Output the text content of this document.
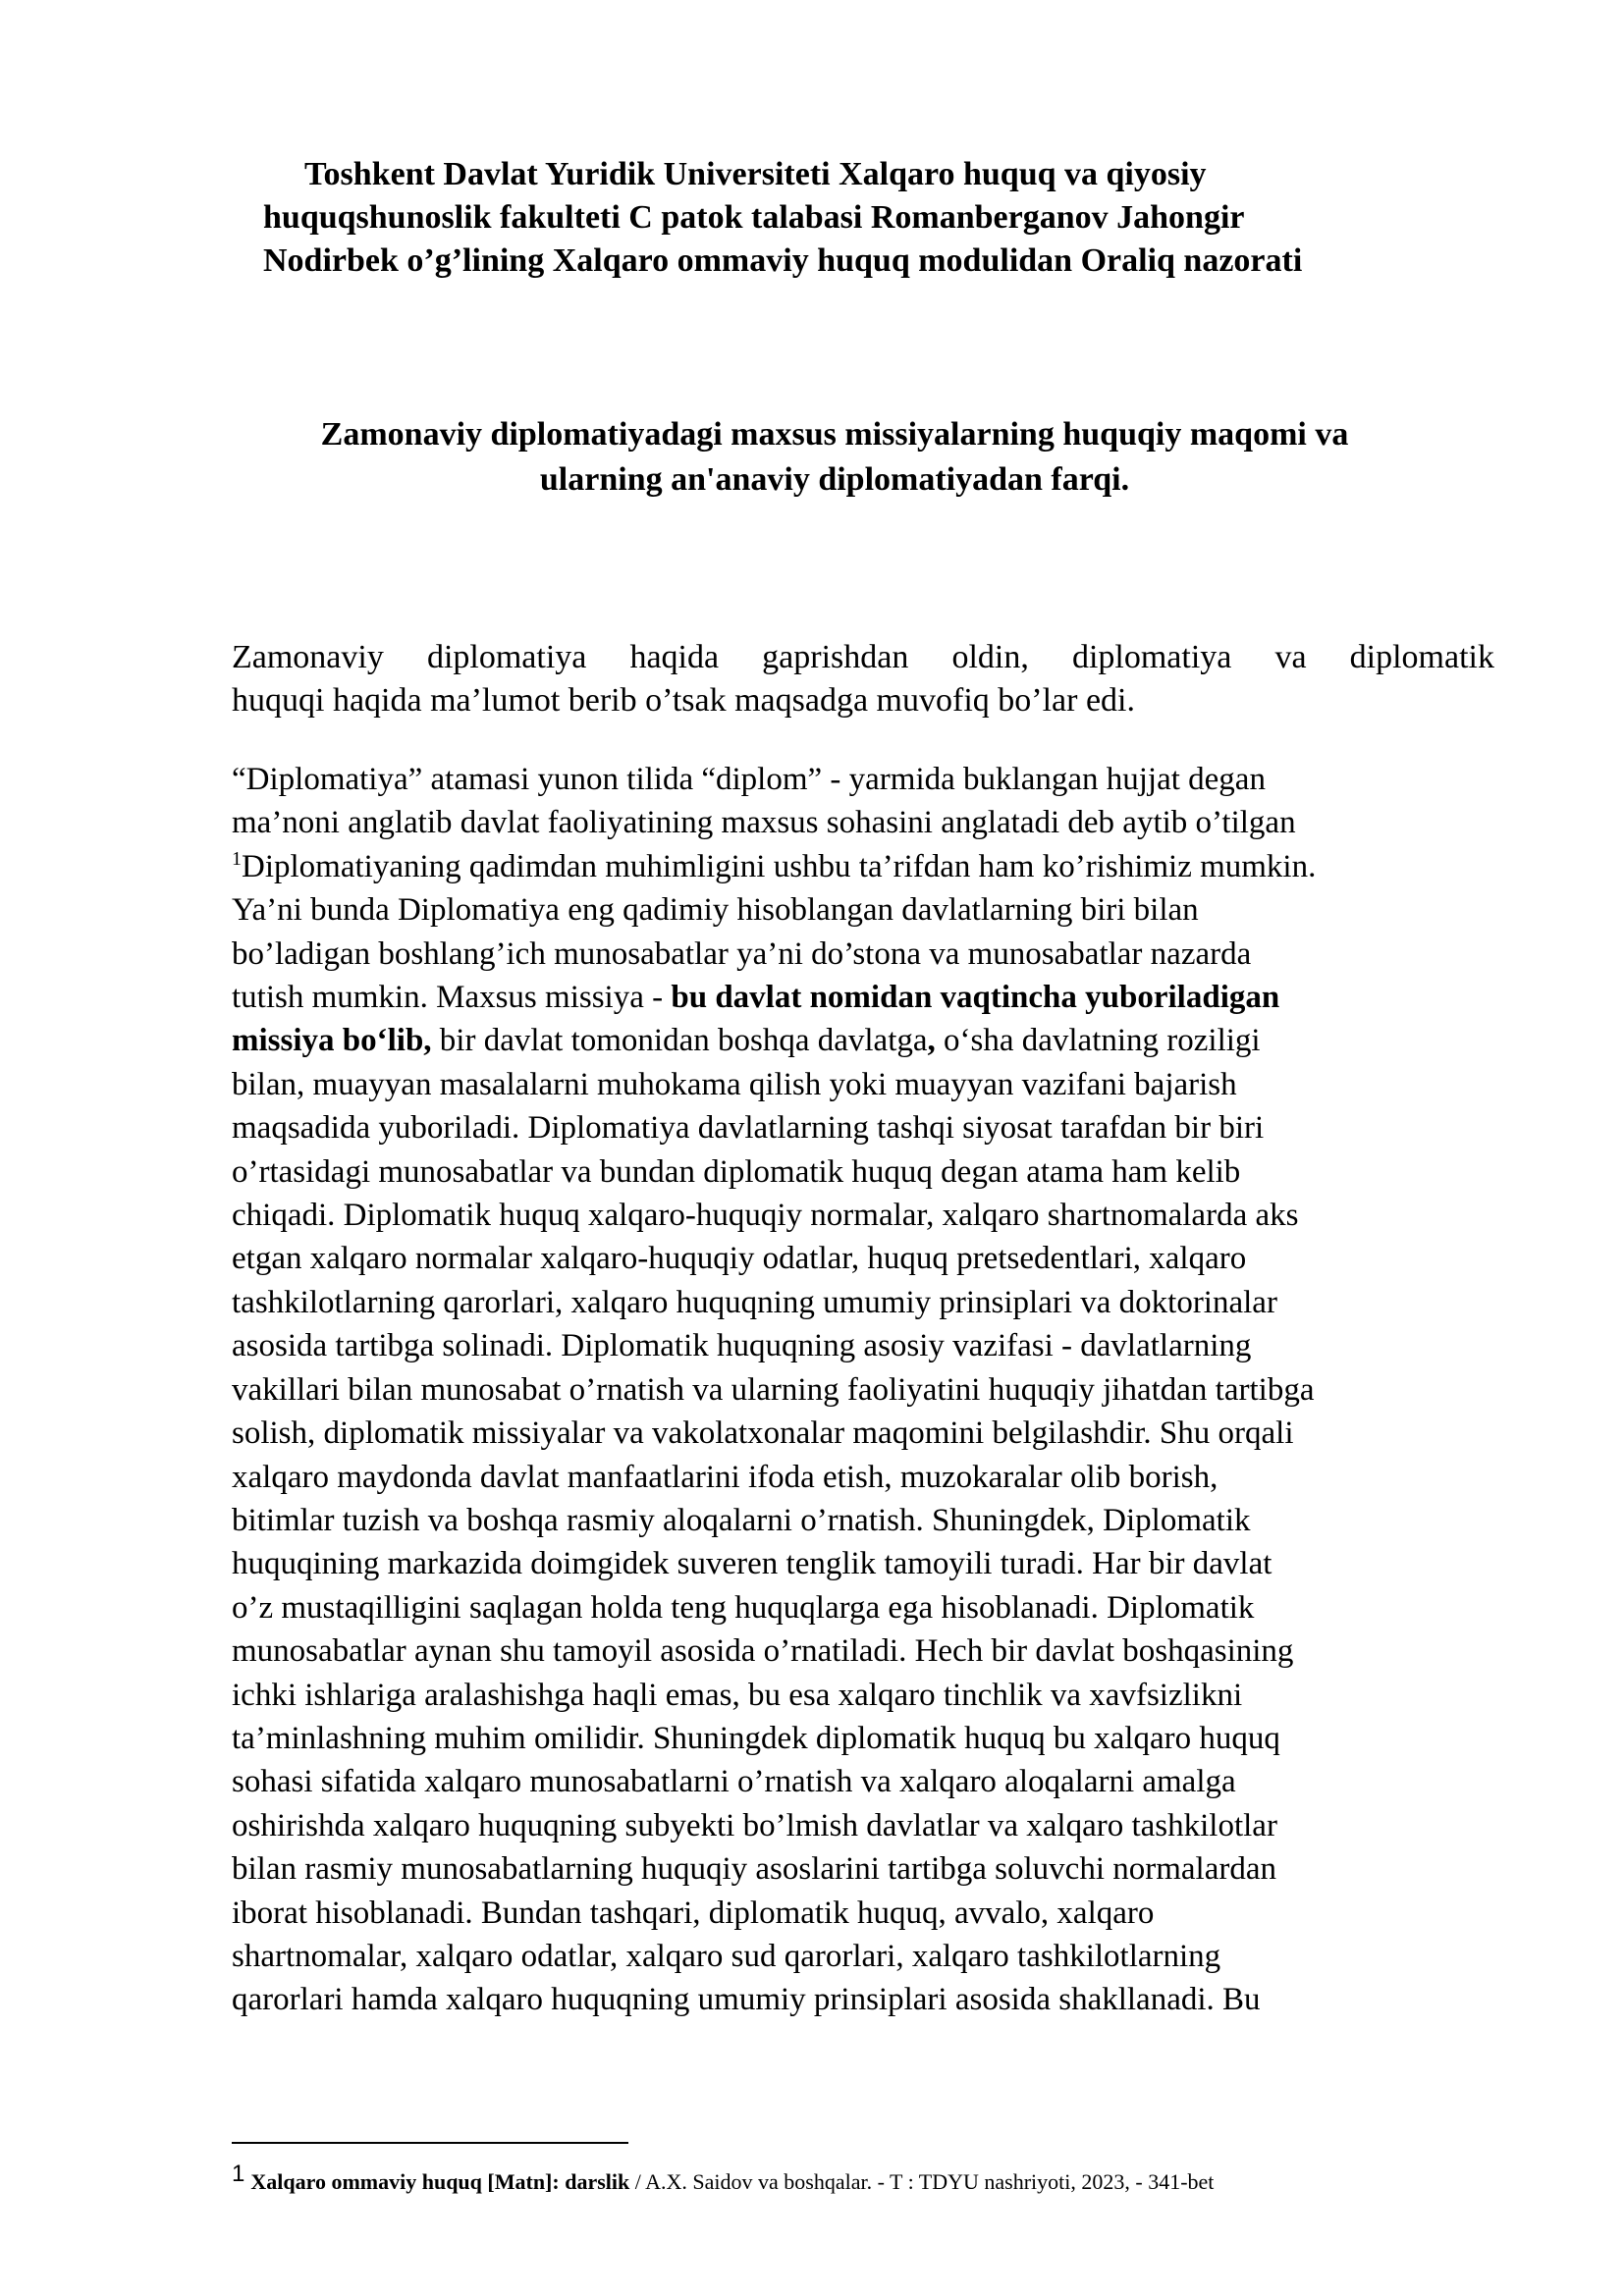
Toshkent Davlat Yuridik Universiteti Xalqaro huquq va qiyosiy
huquqshunoslik fakulteti C patok talabasi Romanberganov Jahongir
Nodirbek o’g’lining Xalqaro ommaviy huquq modulidan Oraliq nazorati
Zamonaviy diplomatiyadagi maxsus missiyalarning huquqiy maqomi va
ularning an'anaviy diplomatiyadan farqi.

Zamonaviy diplomatiya haqida gaprishdan oldin, diplomatiya va diplomatik
huquqi haqida ma’lumot berib o’tsak maqsadga muvofiq bo’lar edi.

“Diplomatiya” atamasi yunon tilida “diplom” - yarmida buklangan hujjat degan
ma’noni anglatib davlat faoliyatining maxsus sohasini anglatadi deb aytib o’tilgan
$^1$Diplomatiyaning qadimdan muhimligini ushbu ta’rifdan ham ko’rishimiz mumkin.
Ya’ni bunda Diplomatiya eng qadimiy hisoblangan davlatlarning biri bilan
bo’ladigan boshlang’ich munosabatlar ya’ni do’stona va munosabatlar nazarda
tutish mumkin. Maxsus missiya - bu davlat nomidan vaqtincha yuboriladigan
missiya bo‘lib, bir davlat tomonidan boshqa davlatga, o‘sha davlatning roziligi
bilan, muayyan masalalarni muhokama qilish yoki muayyan vazifani bajarish
maqsadida yuboriladi. Diplomatiya davlatlarning tashqi siyosat tarafdan bir biri
o’rtasidagi munosabatlar va bundan diplomatik huquq degan atama ham kelib
chiqadi. Diplomatik huquq xalqaro-huquqiy normalar, xalqaro shartnomalarda aks
etgan xalqaro normalar xalqaro-huquqiy odatlar, huquq pretsedentlari, xalqaro
tashkilotlarning qarorlari, xalqaro huquqning umumiy prinsiplari va doktorinalar
asosida tartibga solinadi. Diplomatik huquqning asosiy vazifasi - davlatlarning
vakillari bilan munosabat o’rnatish va ularning faoliyatini huquqiy jihatdan tartibga
solish, diplomatik missiyalar va vakolatxonalar maqomini belgilashdir. Shu orqali
xalqaro maydonda davlat manfaatlarini ifoda etish, muzokaralar olib borish,
bitimlar tuzish va boshqa rasmiy aloqalarni o’rnatish. Shuningdek, Diplomatik
huquqining markazida doimgidek suveren tenglik tamoyili turadi. Har bir davlat
o’z mustaqilligini saqlagan holda teng huquqlarga ega hisoblanadi. Diplomatik
munosabatlar aynan shu tamoyil asosida o’rnatiladi. Hech bir davlat boshqasining
ichki ishlariga aralashishga haqli emas, bu esa xalqaro tinchlik va xavfsizlikni
ta’minlashning muhim omilidir. Shuningdek diplomatik huquq bu xalqaro huquq
sohasi sifatida xalqaro munosabatlarni o’rnatish va xalqaro aloqalarni amalga
oshirishda xalqaro huquqning subyekti bo’lmish davlatlar va xalqaro tashkilotlar
bilan rasmiy munosabatlarning huquqiy asoslarini tartibga soluvchi normalardan
iborat hisoblanadi. Bundan tashqari, diplomatik huquq, avvalo, xalqaro
shartnomalar, xalqaro odatlar, xalqaro sud qarorlari, xalqaro tashkilotlarning
qarorlari hamda xalqaro huquqning umumiy prinsiplari asosida shakllanadi. Bu

1 Xalqaro ommaviy huquq [Matn]: darslik / A.X. Saidov va boshqalar. - T : TDYU nashriyoti, 2023, - 341-bet
